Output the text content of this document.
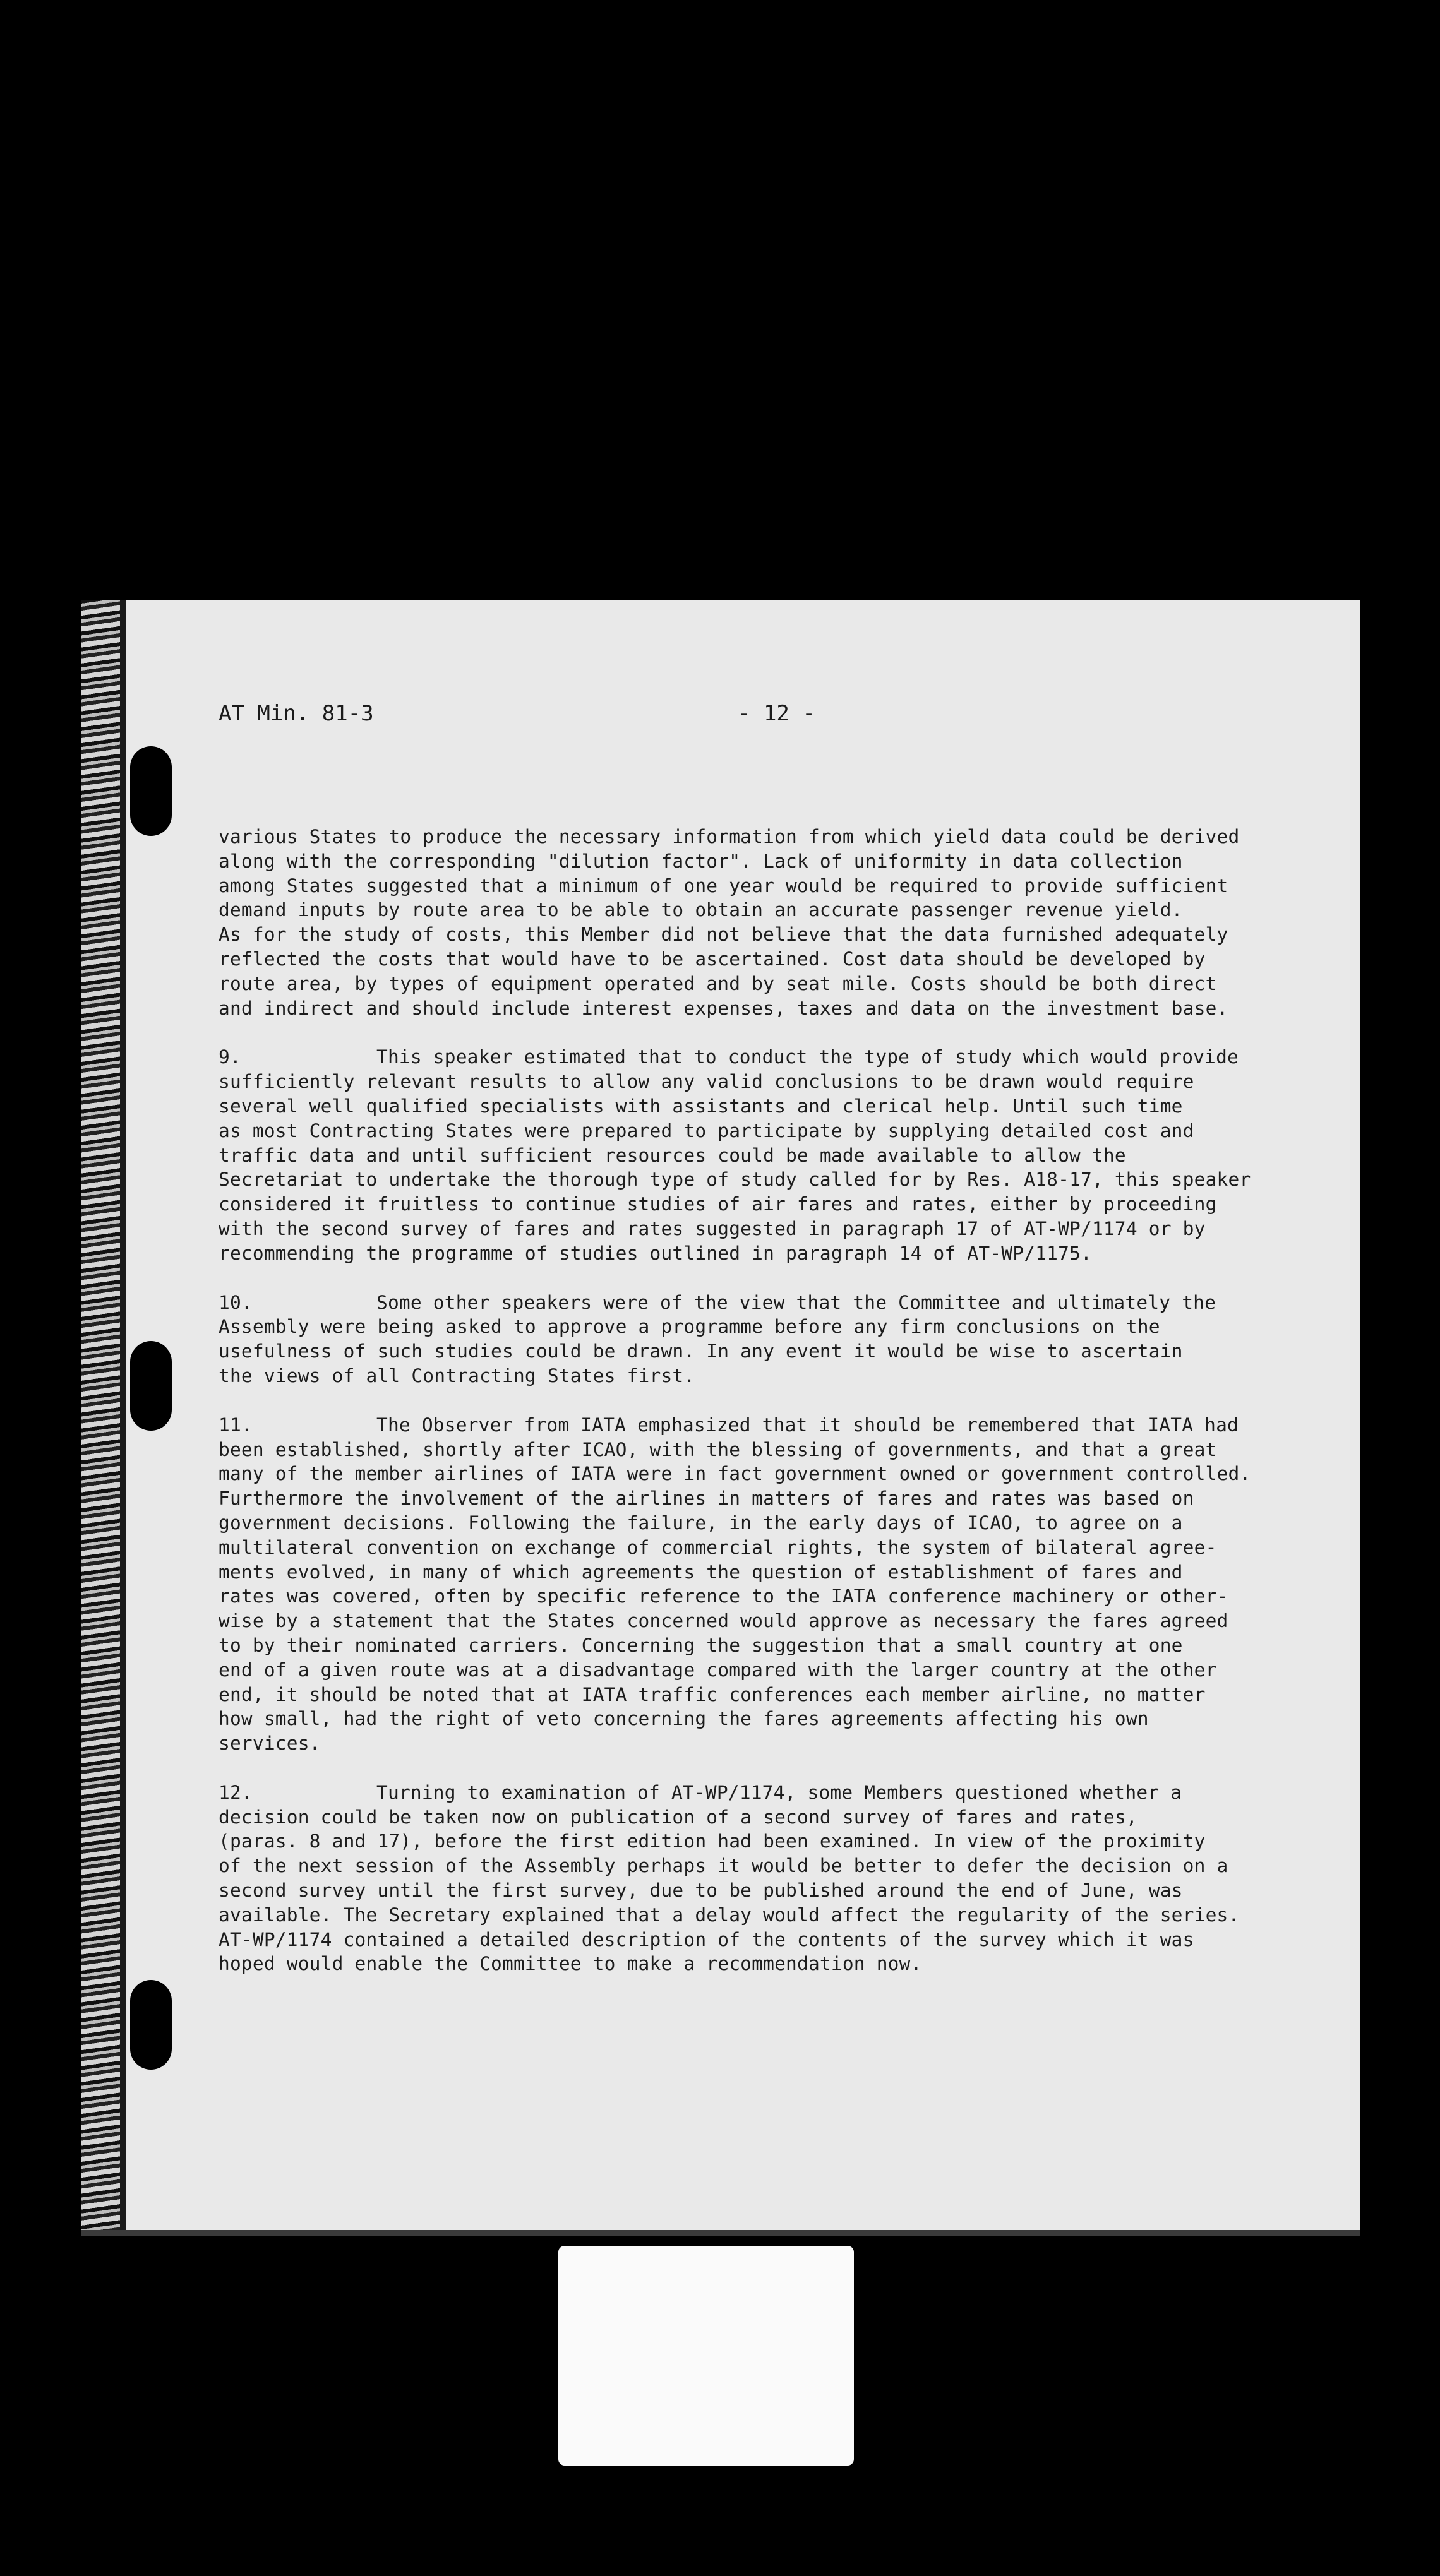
AT Min. 81-3	- 12 -
various States to produce the necessary information from which yield data could be derived
along with the corresponding "dilution factor". Lack of uniformity in data collection
among States suggested that a minimum of one year would be required to provide sufficient
demand inputs by route area to be able to obtain an accurate passenger revenue yield.
As for the study of costs, this Member did not believe that the data furnished adequately
reflected the costs that would have to be ascertained. Cost data should be developed by
route area, by types of equipment operated and by seat mile. Costs should be both direct
and indirect and should include interest expenses, taxes and data on the investment base.
9.	This speaker estimated that to conduct the type of study which would provide
sufficiently relevant results to allow any valid conclusions to be drawn would require
several well qualified specialists with assistants and clerical help. Until such time
as most Contracting States were prepared to participate by supplying detailed cost and
traffic data and until sufficient resources could be made available to allow the
Secretariat to undertake the thorough type of study called for by Res. A18-17, this speaker
considered it fruitless to continue studies of air fares and rates, either by proceeding
with the second survey of fares and rates suggested in paragraph 17 of AT-WP/1174 or by
recommending the programme of studies outlined in paragraph 14 of AT-WP/1175.
10.	Some other speakers were of the view that the Committee and ultimately the
Assembly were being asked to approve a programme before any firm conclusions on the
usefulness of such studies could be drawn. In any event it would be wise to ascertain
the views of all Contracting States first.
11.	The Observer from IATA emphasized that it should be remembered that IATA had
been established, shortly after ICAO, with the blessing of governments, and that a great
many of the member airlines of IATA were in fact government owned or government controlled.
Furthermore the involvement of the airlines in matters of fares and rates was based on
government decisions. Following the failure, in the early days of ICAO, to agree on a
multilateral convention on exchange of commercial rights, the system of bilateral agree-
ments evolved, in many of which agreements the question of establishment of fares and
rates was covered, often by specific reference to the IATA conference machinery or other-
wise by a statement that the States concerned would approve as necessary the fares agreed
to by their nominated carriers. Concerning the suggestion that a small country at one
end of a given route was at a disadvantage compared with the larger country at the other
end, it should be noted that at IATA traffic conferences each member airline, no matter
how small, had the right of veto concerning the fares agreements affecting his own
services.
12.	Turning to examination of AT-WP/1174, some Members questioned whether a
decision could be taken now on publication of a second survey of fares and rates,
(paras. 8 and 17), before the first edition had been examined. In view of the proximity
of the next session of the Assembly perhaps it would be better to defer the decision on a
second survey until the first survey, due to be published around the end of June, was
available. The Secretary explained that a delay would affect the regularity of the series.
AT-WP/1174 contained a detailed description of the contents of the survey which it was
hoped would enable the Committee to make a recommendation now.
